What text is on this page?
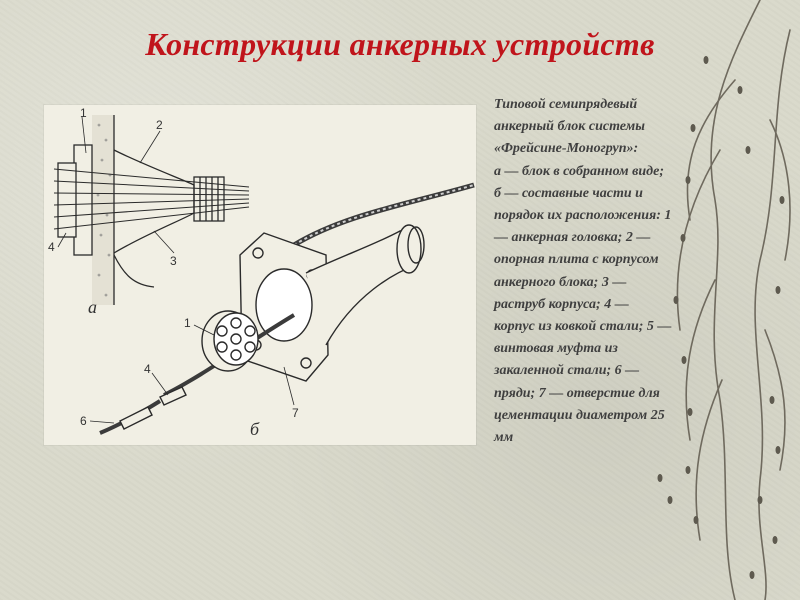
Конструкции анкерных устройств
1
2
3
4
а
1
4
6
7
б

Типовой семипрядевый
анкерный блок системы
«Фрейсине-Моногруп»:
а — блок в собранном виде;
б — составные части и
порядок их расположения: 1
— анкерная головка; 2 —
опорная плита с корпусом
анкерного блока; 3 —
раструб корпуса; 4 —
корпус из ковкой стали; 5 —
винтовая муфта из
закаленной стали; 6 —
пряди; 7 — отверстие для
цементации диаметром 25
мм
